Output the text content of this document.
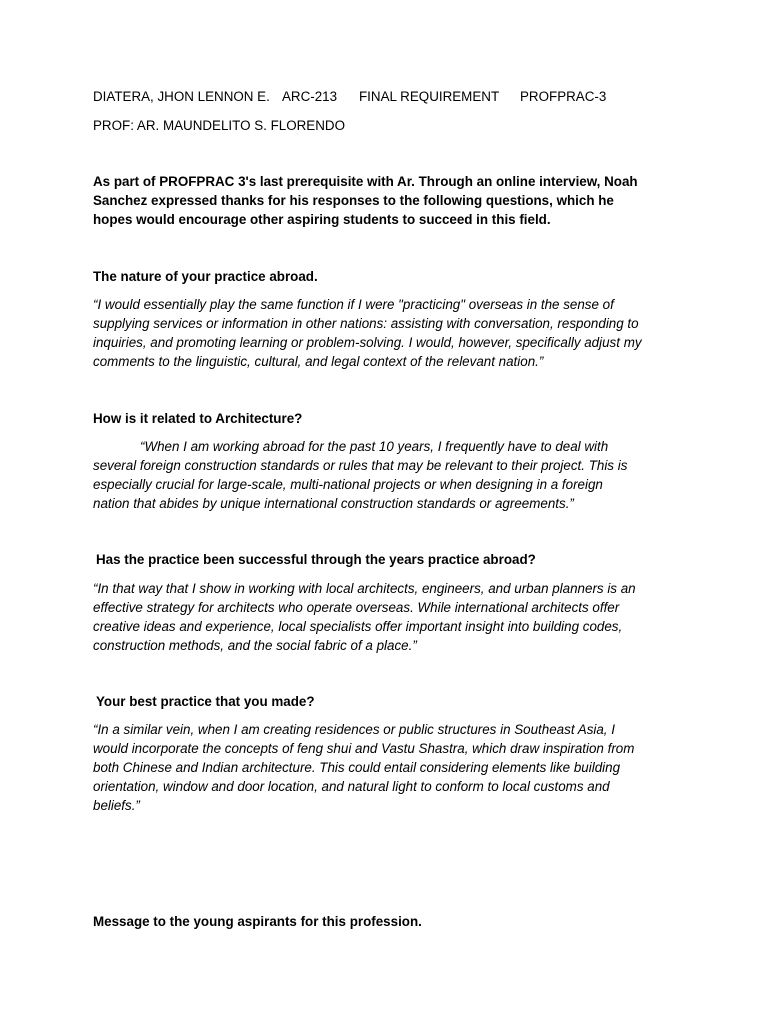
DIATERA, JHON LENNON E. ARC-213 FINAL REQUIREMENT PROFPRAC-3
PROF: AR. MAUNDELITO S. FLORENDO
As part of PROFPRAC 3's last prerequisite with Ar. Through an online interview, Noah
Sanchez expressed thanks for his responses to the following questions, which he
hopes would encourage other aspiring students to succeed in this field.
The nature of your practice abroad.
“I would essentially play the same function if I were "practicing" overseas in the sense of
supplying services or information in other nations: assisting with conversation, responding to
inquiries, and promoting learning or problem-solving. I would, however, specifically adjust my
comments to the linguistic, cultural, and legal context of the relevant nation.”
How is it related to Architecture?
“When I am working abroad for the past 10 years, I frequently have to deal with
several foreign construction standards or rules that may be relevant to their project. This is
especially crucial for large-scale, multi-national projects or when designing in a foreign
nation that abides by unique international construction standards or agreements.”
Has the practice been successful through the years practice abroad?
“In that way that I show in working with local architects, engineers, and urban planners is an
effective strategy for architects who operate overseas. While international architects offer
creative ideas and experience, local specialists offer important insight into building codes,
construction methods, and the social fabric of a place.”
Your best practice that you made?
“In a similar vein, when I am creating residences or public structures in Southeast Asia, I
would incorporate the concepts of feng shui and Vastu Shastra, which draw inspiration from
both Chinese and Indian architecture. This could entail considering elements like building
orientation, window and door location, and natural light to conform to local customs and
beliefs.”
Message to the young aspirants for this profession.
